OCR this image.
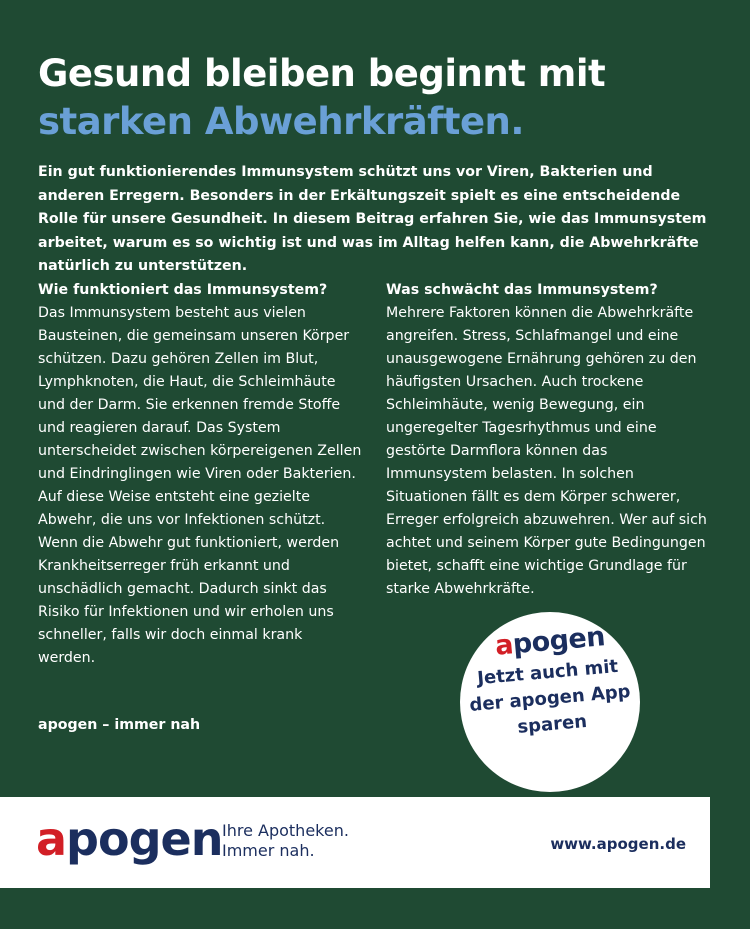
Gesund bleiben beginnt mit
starken Abwehrkräften.
Ein gut funktionierendes Immunsystem schützt uns vor Viren, Bakterien und anderen Erregern. Besonders in der Erkältungszeit spielt es eine entscheidende Rolle für unsere Gesundheit. In diesem Beitrag erfahren Sie, wie das Immunsystem arbeitet, warum es so wichtig ist und was im Alltag helfen kann, die Abwehrkräfte natürlich zu unterstützen.
Wie funktioniert das Immunsystem?

Das Immunsystem besteht aus vielen Bausteinen, die gemeinsam unseren Körper schützen. Dazu gehören Zellen im Blut, Lymphknoten, die Haut, die Schleimhäute und der Darm. Sie erkennen fremde Stoffe und reagieren darauf. Das System unterscheidet zwischen körpereigenen Zellen und Eindringlingen wie Viren oder Bakterien. Auf diese Weise entsteht eine gezielte Abwehr, die uns vor Infektionen schützt. Wenn die Abwehr gut funktioniert, werden Krankheitserreger früh erkannt und unschädlich gemacht. Dadurch sinkt das Risiko für Infektionen und wir erholen uns schneller, falls wir doch einmal krank werden.

Was schwächt das Immunsystem?

Mehrere Faktoren können die Abwehrkräfte angreifen. Stress, Schlafmangel und eine unausgewogene Ernährung gehören zu den häufigsten Ursachen. Auch trockene Schleimhäute, wenig Bewegung, ein ungeregelter Tagesrhythmus und eine gestörte Darmflora können das Immunsystem belasten. In solchen Situationen fällt es dem Körper schwerer, Erreger erfolgreich abzuwehren. Wer auf sich achtet und seinem Körper gute Bedingungen bietet, schafft eine wichtige Grundlage für starke Abwehrkräfte.

apogen – immer nah
apogen
Jetzt auch mit der apogen App sparen
apogen Ihre Apotheken.
Immer nah.	www.apogen.de
